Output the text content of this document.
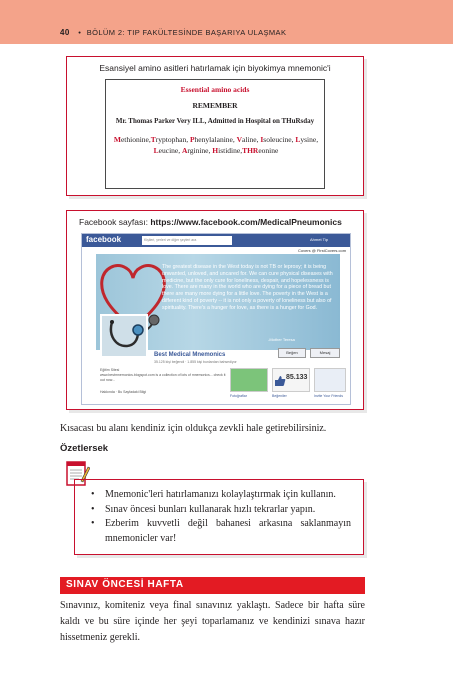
40 • BÖLÜM 2: TIP FAKÜLTESİNDE BAŞARIYA ULAŞMAK
Esansiyel amino asitleri hatırlamak için biyokimya mnemonic'i
Essential amino acids
REMEMBER
Mr. Thomas Parker Very ILL, Admitted in Hospital on THuRsday
Methionine,Tryptophan, Phenylalanine, Valine, Isoleucine, Lysine,
Leucine, Arginine, Histidine,THReonine
Facebook sayfası: https://www.facebook.com/MedicalPneumonics
facebook	Kişileri, yerleri ve diğer şeyleri ara	Ahmet Tip
Covers @ FirstCovers.com
The greatest disease in the West today is not TB or leprosy; it is being unwanted, unloved, and uncared for. We can cure physical diseases with medicine, but the only cure for loneliness, despair, and hopelessness is love. There are many in the world who are dying for a piece of bread but there are many more dying for a little love. The poverty in the West is a different kind of poverty -- it is not only a poverty of loneliness but also of spirituality. There's a hunger for love, as there is a hunger for God.
-Mother Teresa
Best Medical Mnemonics
35.125 kişi beğendi · 1.855 kişi bunlardan bahsediyor
Beğen	Mesaj
Eğitim Sitesi
www.bestmnemonics.blogspot.com is a collection of lots of mnemonics... check it out now...
Hakkında · Bu Sayfadaki Bilgi
Fotoğraflar
85.133
Beğeniler	Invite Your Friends
Kısacası bu alanı kendiniz için oldukça zevkli hale getirebilirsiniz.
Özetlersek
• Mnemonic'leri hatırlamanızı kolaylaştırmak için kullanın.
• Sınav öncesi bunları kullanarak hızlı tekrarlar yapın.
• Ezberim kuvvetli değil bahanesi arkasına saklanmayın mnemonicler var!
SINAV ÖNCESİ HAFTA
Sınavınız, komiteniz veya final sınavınız yaklaştı. Sadece bir hafta süre kaldı ve bu süre içinde her şeyi toparlamanız ve kendinizi sınava hazır hissetmeniz gerekli.
